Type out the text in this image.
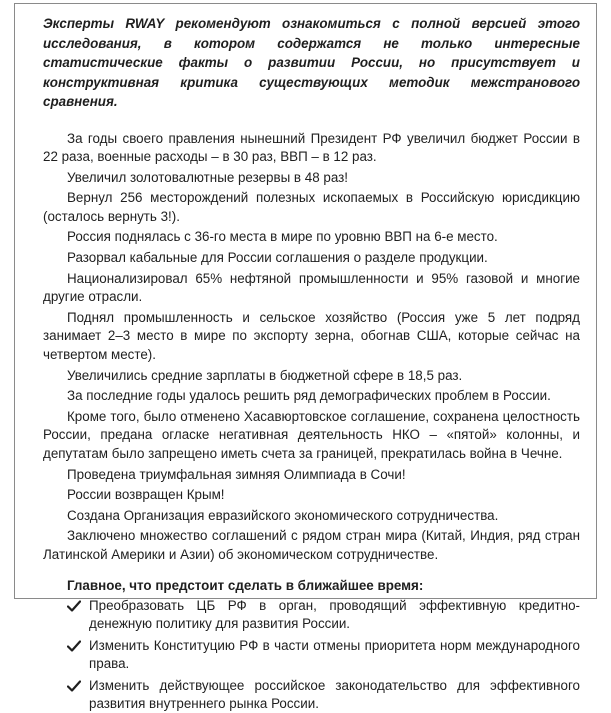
Эксперты RWAY рекомендуют ознакомиться с полной версией этого исследования, в котором содержатся не только интересные статистические факты о развитии России, но присутствует и конструктивная критика существующих методик межстранового сравнения.

За годы своего правления нынешний Президент РФ увеличил бюджет России в 22 раза, военные расходы – в 30 раз, ВВП – в 12 раз.

Увеличил золотовалютные резервы в 48 раз!

Вернул 256 месторождений полезных ископаемых в Российскую юрисдикцию (осталось вернуть 3!).

Россия поднялась с 36-го места в мире по уровню ВВП на 6-е место.

Разорвал кабальные для России соглашения о разделе продукции.

Национализировал 65% нефтяной промышленности и 95% газовой и многие другие отрасли.

Поднял промышленность и сельское хозяйство (Россия уже 5 лет подряд занимает 2–3 место в мире по экспорту зерна, обогнав США, которые сейчас на четвертом месте).

Увеличились средние зарплаты в бюджетной сфере в 18,5 раз.

За последние годы удалось решить ряд демографических проблем в России.

Кроме того, было отменено Хасавюртовское соглашение, сохранена целостность России, предана огласке негативная деятельность НКО – «пятой» колонны, и депутатам было запрещено иметь счета за границей, прекратилась война в Чечне.

Проведена триумфальная зимняя Олимпиада в Сочи!

России возвращен Крым!

Создана Организация евразийского экономического сотрудничества.

Заключено множество соглашений с рядом стран мира (Китай, Индия, ряд стран Латинской Америки и Азии) об экономическом сотрудничестве.

Главное, что предстоит сделать в ближайшее время:
Преобразовать ЦБ РФ в орган, проводящий эффективную кредитно-денежную политику для развития России.
Изменить Конституцию РФ в части отмены приоритета норм международного права.
Изменить действующее российское законодательство для эффективного развития внутреннего рынка России.
